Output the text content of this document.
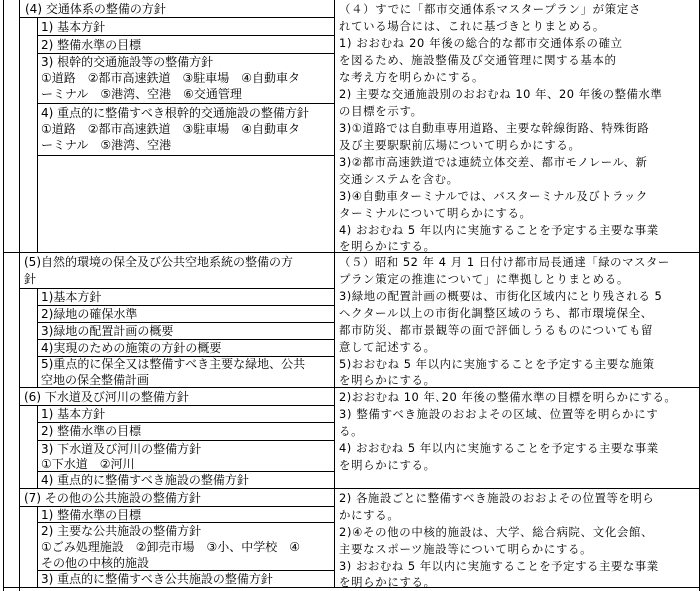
(4) 交通体系の整備の方針
1) 基本方針
2) 整備水準の目標
3) 根幹的交通施設等の整備方針
①道路　②都市高速鉄道　③駐車場　④自動車タ
ーミナル　⑤港湾、空港　⑥交通管理
4) 重点的に整備すべき根幹的交通施設の整備方針
①道路　②都市高速鉄道　③駐車場　④自動車タ
ーミナル　⑤港湾、空港
（４）すでに「都市交通体系マスタープラン」が策定さ
れている場合には、これに基づきとりまとめる。
1) おおむね 20 年後の総合的な都市交通体系の確立
を図るため、施設整備及び交通管理に関する基本的
な考え方を明らかにする。
2) 主要な交通施設別のおおむね 10 年、20 年後の整備水準
の目標を示す。
3)①道路では自動車専用道路、主要な幹線街路、特殊街路
及び主要駅駅前広場について明らかにする。
3)②都市高速鉄道では連続立体交差、都市モノレール、新
交通システムを含む。
3)④自動車ターミナルでは、バスターミナル及びトラック
ターミナルについて明らかにする。
4) おおむね 5 年以内に実施することを予定する主要な事業
を明らかにする。
(5)自然的環境の保全及び公共空地系統の整備の方
針
1)基本方針
2)緑地の確保水準
3)緑地の配置計画の概要
4)実現のための施策の方針の概要
5)重点的に保全又は整備すべき主要な緑地、公共
空地の保全整備計画
（５）昭和 52 年 4 月 1 日付け都市局長通達「緑のマスター
プラン策定の推進について」に準拠しとりまとめる。
3)緑地の配置計画の概要は、市街化区域内にとり残される 5
ヘクタール以上の市街化調整区域のうち、都市環境保全、
都市防災、都市景観等の面で評価しうるものについても留
意して記述する。
5)おおむね 5 年以内に実施することを予定する主要な施策
を明らかにする。
(6) 下水道及び河川の整備方針
1) 基本方針
2) 整備水準の目標
3) 下水道及び河川の整備方針
①下水道　②河川
4) 重点的に整備すべき施設の整備方針
2)おおむね 10 年､20 年後の整備水準の目標を明らかにする。
3) 整備すべき施設のおおよその区域、位置等を明らかにす
る。
4) おおむね 5 年以内に実施することを予定する主要な事業
を明らかにする。
(7) その他の公共施設の整備方針
1) 整備水準の目標
2) 主要な公共施設の整備方針
①ごみ処理施設　②卸売市場　③小、中学校　④
その他の中核的施設
3) 重点的に整備すべき公共施設の整備方針
2) 各施設ごとに整備すべき施設のおおよその位置等を明ら
かにする。
2)④その他の中核的施設は、大学、総合病院、文化会館、
主要なスポーツ施設等について明らかにする。
3) おおむね 5 年以内に実施することを予定する主要な事業
を明らかにする。
